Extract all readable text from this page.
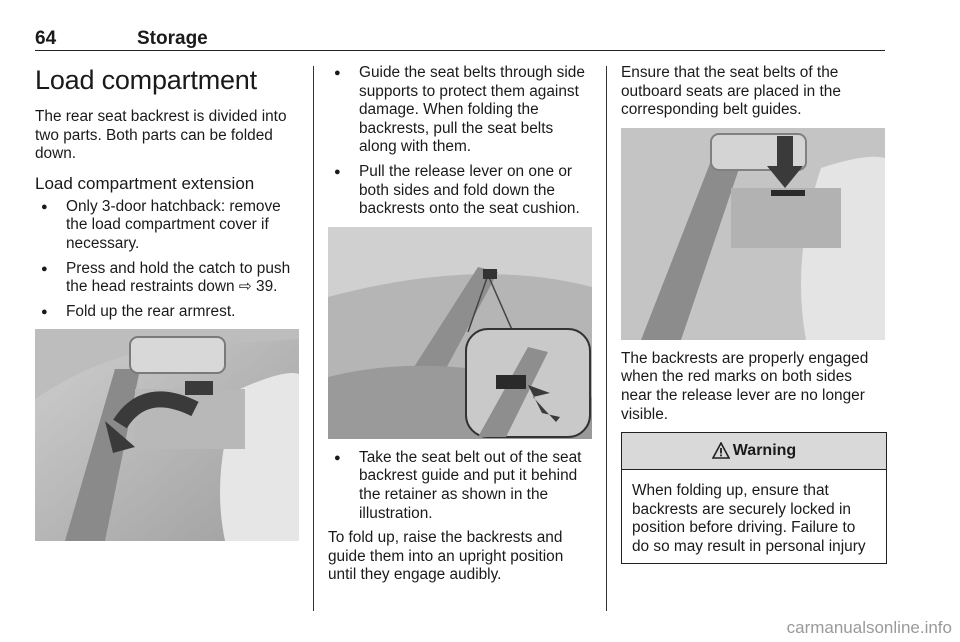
64	Storage
Load compartment

The rear seat backrest is divided into two parts. Both parts can be folded down.

Load compartment extension
● Only 3-door hatchback: remove the load compartment cover if necessary.
● Press and hold the catch to push the head restraints down ⇨ 39.
● Fold up the rear armrest.
● Guide the seat belts through side supports to protect them against damage. When folding the backrests, pull the seat belts along with them.
● Pull the release lever on one or both sides and fold down the backrests onto the seat cushion.
● Take the seat belt out of the seat backrest guide and put it behind the retainer as shown in the illustration.

To fold up, raise the backrests and guide them into an upright position until they engage audibly.

Ensure that the seat belts of the outboard seats are placed in the corresponding belt guides.

The backrests are properly engaged when the red marks on both sides near the release lever are no longer visible.

Warning
When folding up, ensure that backrests are securely locked in position before driving. Failure to do so may result in personal injury
carmanualsonline.info
